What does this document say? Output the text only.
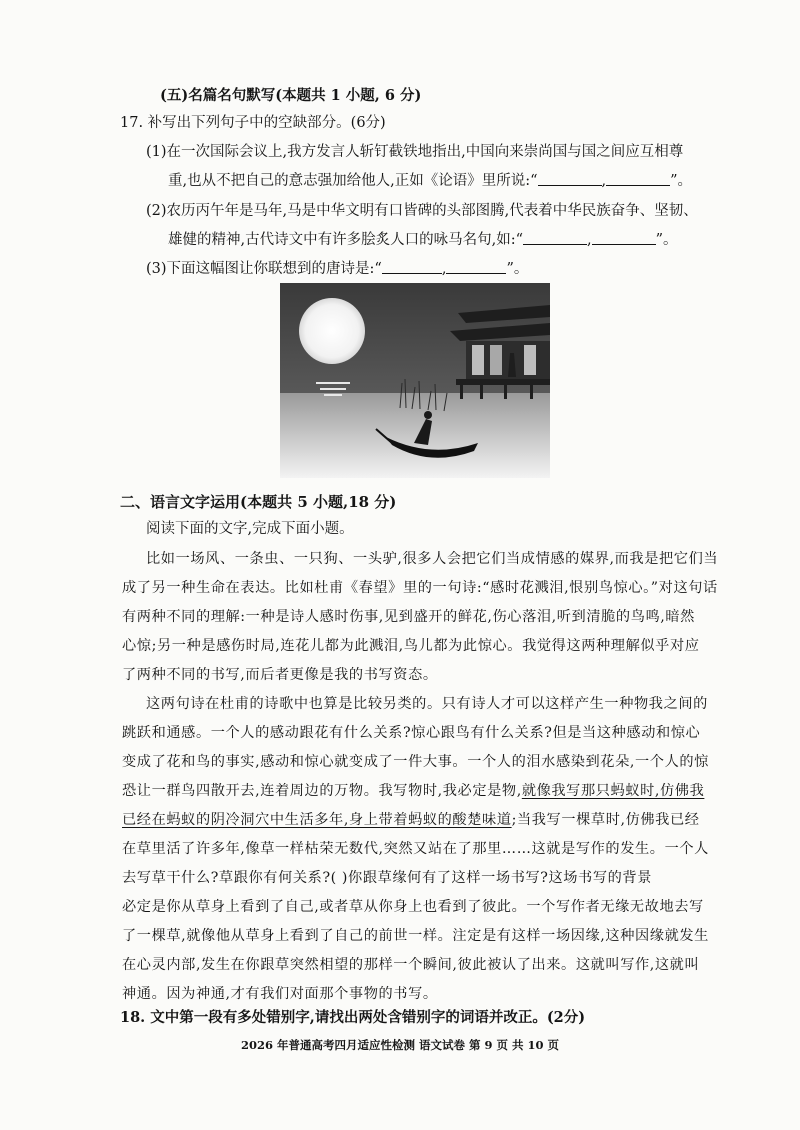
(五)名篇名句默写(本题共 1 小题, 6 分)
17. 补写出下列句子中的空缺部分。(6分)
(1)在一次国际会议上,我方发言人斩钉截铁地指出,中国向来崇尚国与国之间应互相尊
重,也从不把自己的意志强加给他人,正如《论语》里所说:“	,	”。
(2)农历丙午年是马年,马是中华文明有口皆碑的头部图腾,代表着中华民族奋争、坚韧、
雄健的精神,古代诗文中有许多脍炙人口的咏马名句,如:“	,	”。
(3)下面这幅图让你联想到的唐诗是:“	,	”。
二、语言文字运用(本题共 5 小题,18 分)
阅读下面的文字,完成下面小题。
比如一场风、一条虫、一只狗、一头驴,很多人会把它们当成情感的媒界,而我是把它们当
成了另一种生命在表达。比如杜甫《春望》里的一句诗:“感时花溅泪,恨别鸟惊心。”对这句话
有两种不同的理解:一种是诗人感时伤事,见到盛开的鲜花,伤心落泪,听到清脆的鸟鸣,暗然
心惊;另一种是感伤时局,连花儿都为此溅泪,鸟儿都为此惊心。我觉得这两种理解似乎对应
了两种不同的书写,而后者更像是我的书写资态。
这两句诗在杜甫的诗歌中也算是比较另类的。只有诗人才可以这样产生一种物我之间的
跳跃和通感。一个人的感动跟花有什么关系?惊心跟鸟有什么关系?但是当这种感动和惊心
变成了花和鸟的事实,感动和惊心就变成了一件大事。一个人的泪水感染到花朵,一个人的惊
恐让一群鸟四散开去,连着周边的万物。我写物时,我必定是物,就像我写那只蚂蚁时,仿佛我
已经在蚂蚁的阴冷洞穴中生活多年,身上带着蚂蚁的酸楚味道;当我写一棵草时,仿佛我已经
在草里活了许多年,像草一样枯荣无数代,突然又站在了那里……这就是写作的发生。一个人
去写草干什么?草跟你有何关系?( )你跟草缘何有了这样一场书写?这场书写的背景
必定是你从草身上看到了自己,或者草从你身上也看到了彼此。一个写作者无缘无故地去写
了一棵草,就像他从草身上看到了自己的前世一样。注定是有这样一场因缘,这种因缘就发生
在心灵内部,发生在你跟草突然相望的那样一个瞬间,彼此被认了出来。这就叫写作,这就叫
神通。因为神通,才有我们对面那个事物的书写。
18. 文中第一段有多处错别字,请找出两处含错别字的词语并改正。(2分)
2026 年普通高考四月适应性检测 语文试卷 第 9 页 共 10 页
